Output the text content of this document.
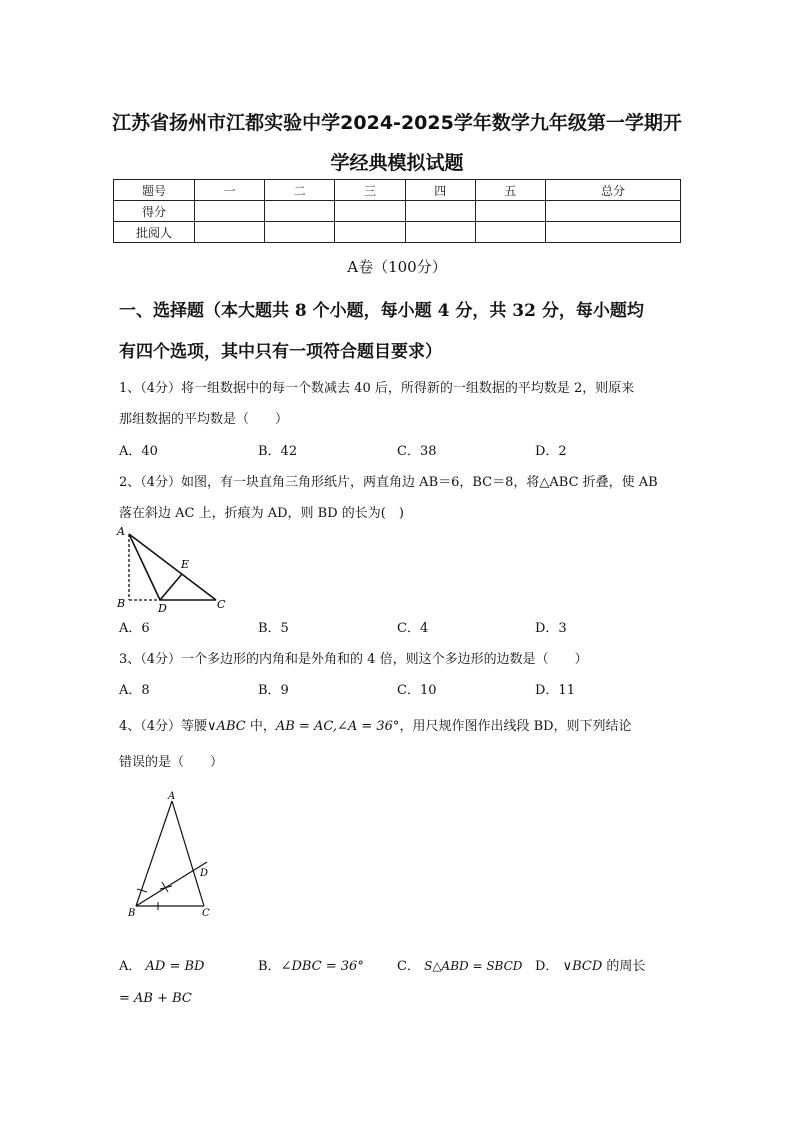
江苏省扬州市江都实验中学2024-2025学年数学九年级第一学期开
学经典模拟试题
题号	一	二	三	四	五	总分
得分						
批阅人						
A卷（100分）
一、选择题（本大题共 8 个小题，每小题 4 分，共 32 分，每小题均
有四个选项，其中只有一项符合题目要求）
1、（4分）将一组数据中的每一个数减去 40 后，所得新的一组数据的平均数是 2，则原来
那组数据的平均数是（　　）
A．40	B．42	C．38	D．2
2、（4分）如图，有一块直角三角形纸片，两直角边 AB＝6，BC＝8，将△ABC 折叠，使 AB
落在斜边 AC 上，折痕为 AD，则 BD 的长为(　)
A
E
B	D	C
A．6	B．5	C．4	D．3
3、（4分）一个多边形的内角和是外角和的 4 倍，则这个多边形的边数是（　　）
A．8	B．9	C．10	D．11
4、（4分）等腰∨ABC 中，AB = AC,∠A = 36°，用尺规作图作出线段 BD，则下列结论
错误的是（　　）
A
D
B	C
A． AD = BD	B．∠DBC = 36°	C． S△ABD = SBCD D． ∨BCD 的周长
= AB + BC
